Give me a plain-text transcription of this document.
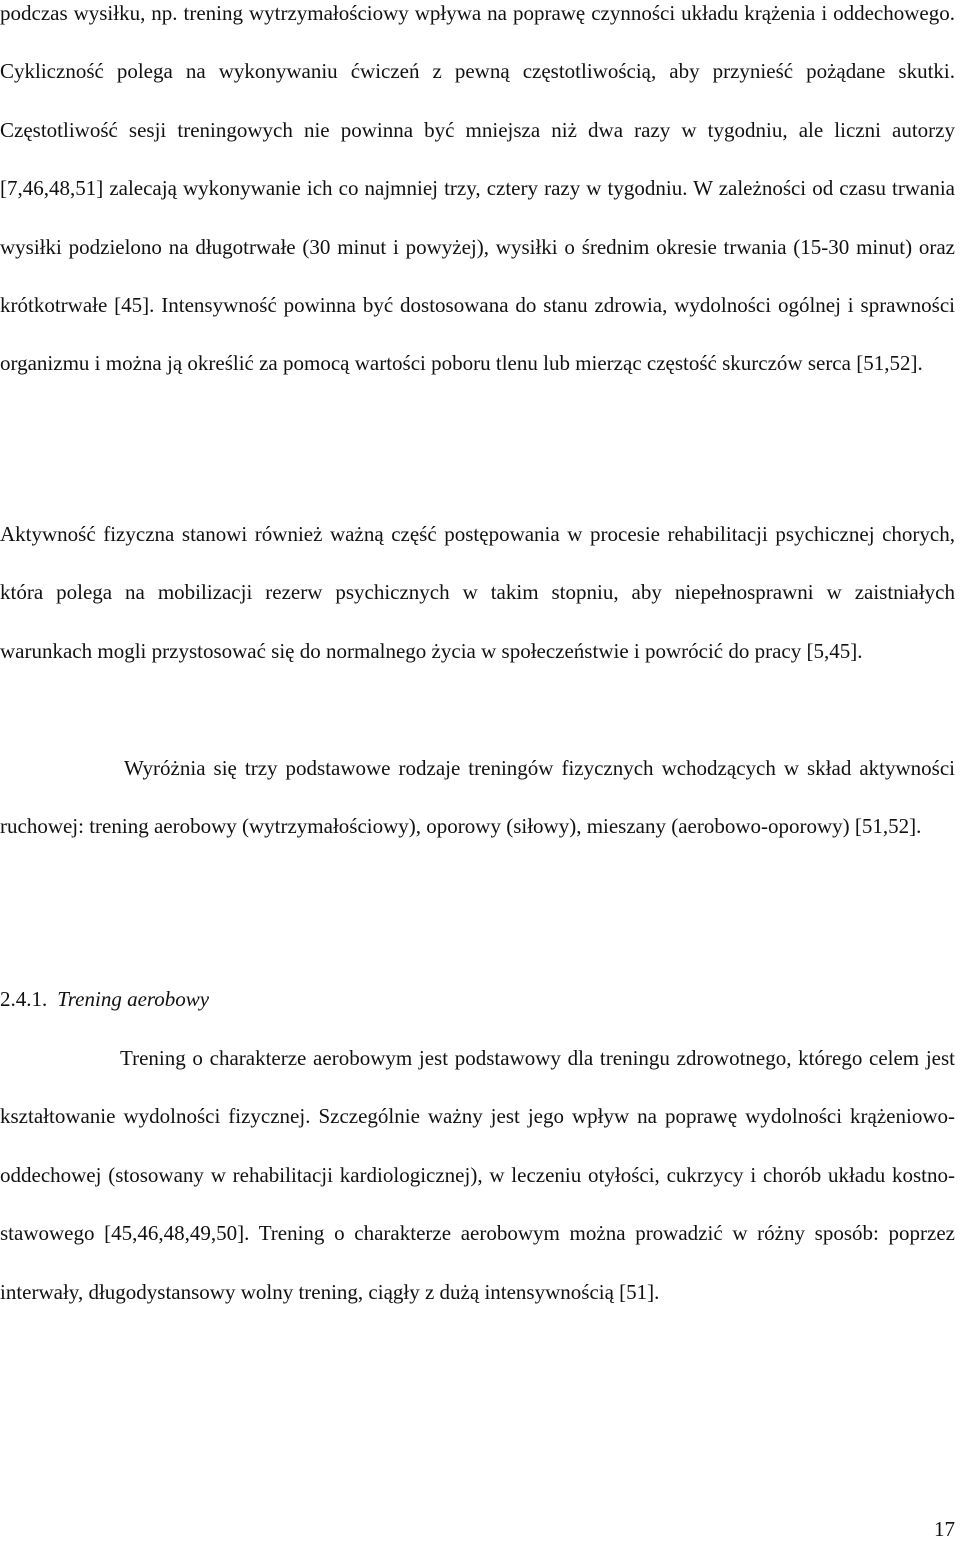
podczas wysiłku, np. trening wytrzymałościowy wpływa na poprawę czynności układu krążenia i oddechowego. Cykliczność polega na wykonywaniu ćwiczeń z pewną częstotliwością, aby przynieść pożądane skutki. Częstotliwość sesji treningowych nie powinna być mniejsza niż dwa razy w tygodniu, ale liczni autorzy [7,46,48,51] zalecają wykonywanie ich co najmniej trzy, cztery razy w tygodniu. W zależności od czasu trwania wysiłki podzielono na długotrwałe (30 minut i powyżej), wysiłki o średnim okresie trwania (15-30 minut) oraz krótkotrwałe [45]. Intensywność powinna być dostosowana do stanu zdrowia, wydolności ogólnej i sprawności organizmu i można ją określić za pomocą wartości poboru tlenu lub mierząc częstość skurczów serca [51,52].

Aktywność fizyczna stanowi również ważną część postępowania w procesie rehabilitacji psychicznej chorych, która polega na mobilizacji rezerw psychicznych w takim stopniu, aby niepełnosprawni w zaistniałych warunkach mogli przystosować się do normalnego życia w społeczeństwie i powrócić do pracy [5,45].

Wyróżnia się trzy podstawowe rodzaje treningów fizycznych wchodzących w skład aktywności ruchowej: trening aerobowy (wytrzymałościowy), oporowy (siłowy), mieszany (aerobowo-oporowy) [51,52].

2.4.1. Trening aerobowy

Trening o charakterze aerobowym jest podstawowy dla treningu zdrowotnego, którego celem jest kształtowanie wydolności fizycznej. Szczególnie ważny jest jego wpływ na poprawę wydolności krążeniowo-oddechowej (stosowany w rehabilitacji kardiologicznej), w leczeniu otyłości, cukrzycy i chorób układu kostno-stawowego [45,46,48,49,50]. Trening o charakterze aerobowym można prowadzić w różny sposób: poprzez interwały, długodystansowy wolny trening, ciągły z dużą intensywnością [51].

17
